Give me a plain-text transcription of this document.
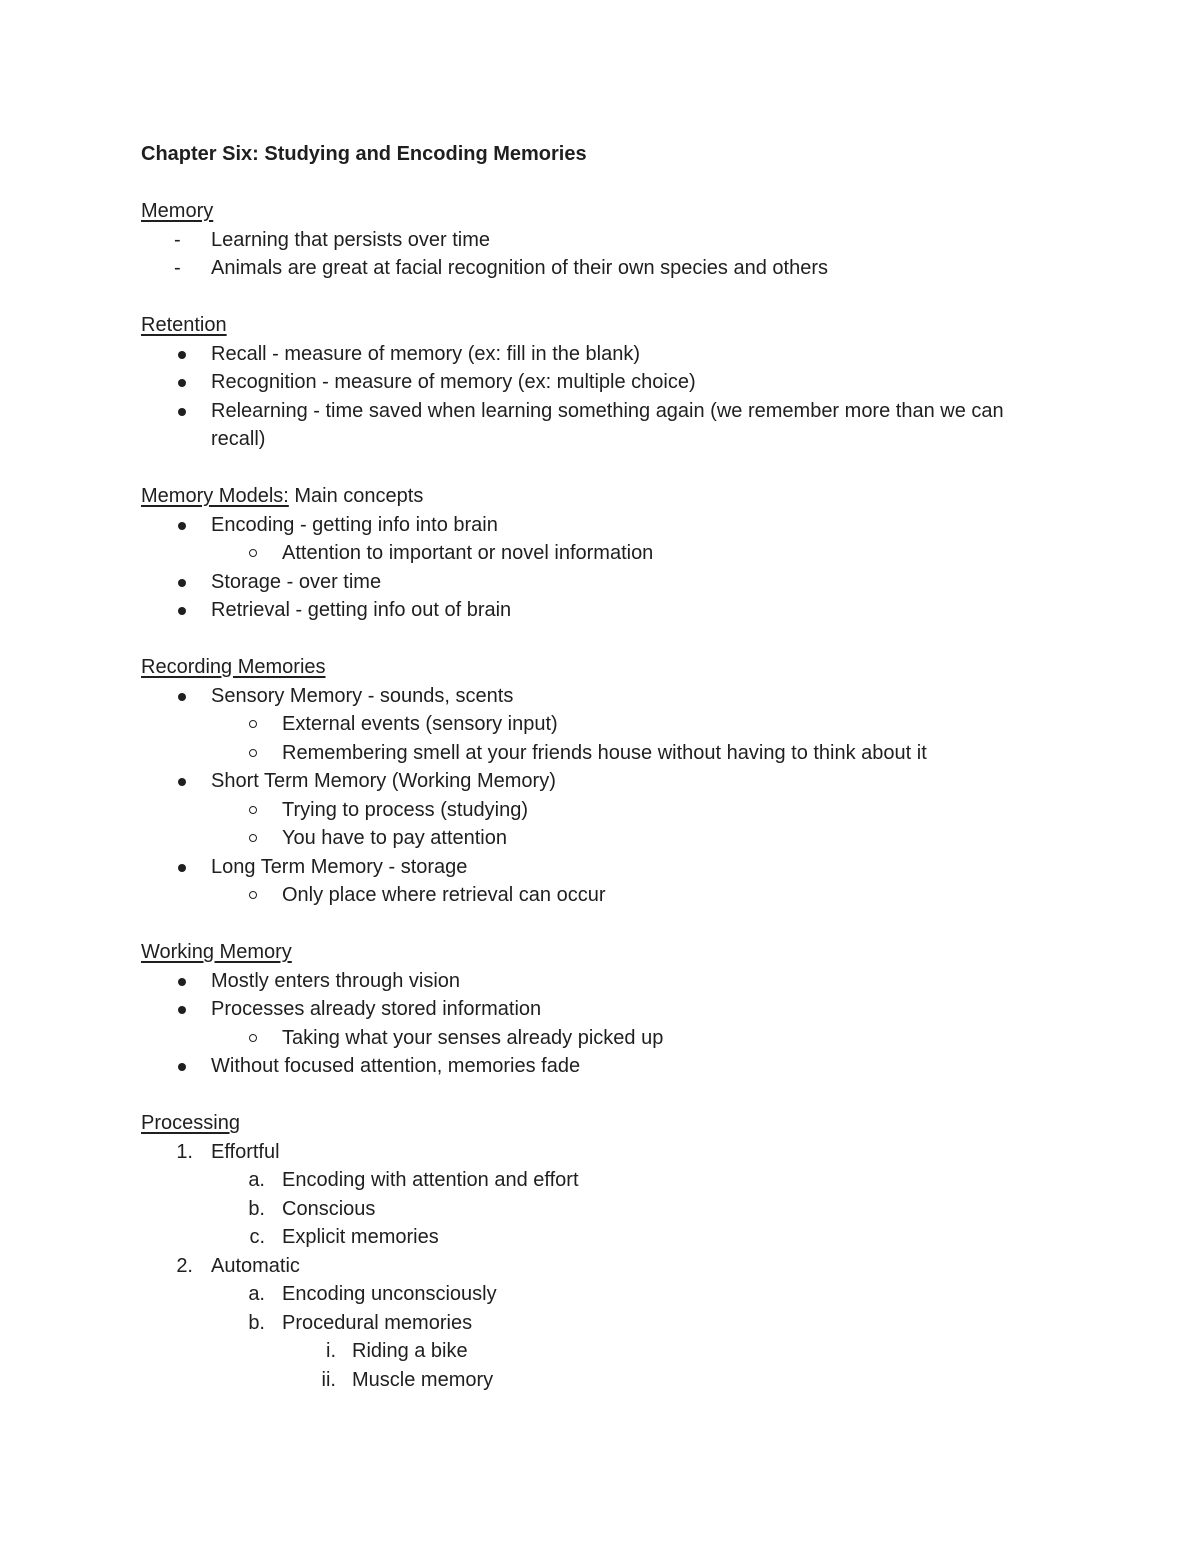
Chapter Six: Studying and Encoding Memories
Memory
- Learning that persists over time
- Animals are great at facial recognition of their own species and others
Retention
Recall - measure of memory (ex: fill in the blank)
Recognition - measure of memory (ex: multiple choice)
Relearning - time saved when learning something again (we remember more than we can recall)
Memory Models: Main concepts
Encoding - getting info into brain
Attention to important or novel information
Storage - over time
Retrieval - getting info out of brain
Recording Memories
Sensory Memory - sounds, scents
External events (sensory input)
Remembering smell at your friends house without having to think about it
Short Term Memory (Working Memory)
Trying to process (studying)
You have to pay attention
Long Term Memory - storage
Only place where retrieval can occur
Working Memory
Mostly enters through vision
Processes already stored information
Taking what your senses already picked up
Without focused attention, memories fade
Processing
1. Effortful
a. Encoding with attention and effort
b. Conscious
c. Explicit memories
2. Automatic
a. Encoding unconsciously
b. Procedural memories
i. Riding a bike
ii. Muscle memory
